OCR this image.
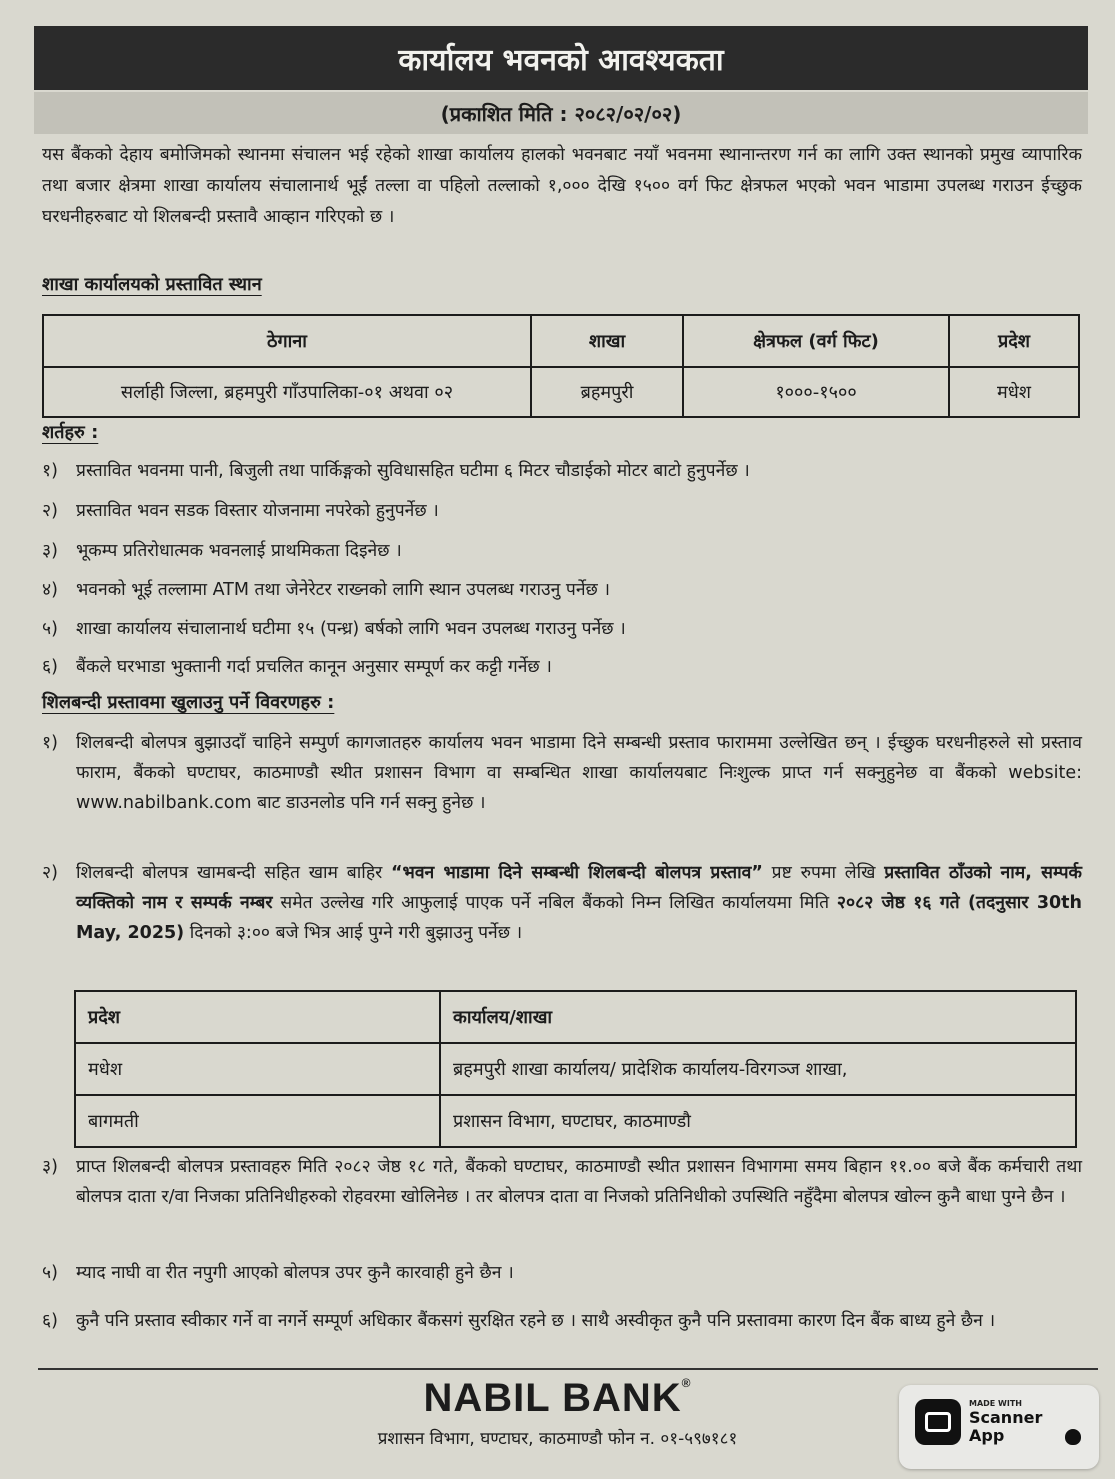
कार्यालय भवनको आवश्यकता
(प्रकाशित मिति : २०८२/०२/०२)
यस बैंकको देहाय बमोजिमको स्थानमा संचालन भई रहेको शाखा कार्यालय हालको भवनबाट नयाँ भवनमा स्थानान्तरण गर्न का लागि उक्त स्थानको प्रमुख व्यापारिक तथा बजार क्षेत्रमा शाखा कार्यालय संचालानार्थ भूईं तल्ला वा पहिलो तल्लाको १,००० देखि १५०० वर्ग फिट क्षेत्रफल भएको भवन भाडामा उपलब्ध गराउन ईच्छुक घरधनीहरुबाट यो शिलबन्दी प्रस्तावै आव्हान गरिएको छ ।
शाखा कार्यालयको प्रस्तावित स्थान
ठेगाना	शाखा	क्षेत्रफल (वर्ग फिट)	प्रदेश
सर्लाही जिल्ला, ब्रहमपुरी गाँउपालिका-०१ अथवा ०२	ब्रहमपुरी	१०००-१५००	मधेश
शर्तहरु :
१) प्रस्तावित भवनमा पानी, बिजुली तथा पार्किङ्गको सुविधासहित घटीमा ६ मिटर चौडाईको मोटर बाटो हुनुपर्नेछ ।
२) प्रस्तावित भवन सडक विस्तार योजनामा नपरेको हुनुपर्नेछ ।
३) भूकम्प प्रतिरोधात्मक भवनलाई प्राथमिकता दिइनेछ ।
४) भवनको भूई तल्लामा ATM तथा जेनेरेटर राख्नको लागि स्थान उपलब्ध गराउनु पर्नेछ ।
५) शाखा कार्यालय संचालानार्थ घटीमा १५ (पन्ध्र) बर्षको लागि भवन उपलब्ध गराउनु पर्नेछ ।
६) बैंकले घरभाडा भुक्तानी गर्दा प्रचलित कानून अनुसार सम्पूर्ण कर कट्टी गर्नेछ ।
शिलबन्दी प्रस्तावमा खुलाउनु पर्ने विवरणहरु :
१) शिलबन्दी बोलपत्र बुझाउदाँ चाहिने सम्पुर्ण कागजातहरु कार्यालय भवन भाडामा दिने सम्बन्धी प्रस्ताव फाराममा उल्लेखित छन् । ईच्छुक घरधनीहरुले सो प्रस्ताव फाराम, बैंकको घण्टाघर, काठमाण्डौ स्थीत प्रशासन विभाग वा सम्बन्धित शाखा कार्यालयबाट निःशुल्क प्राप्त गर्न सक्नुहुनेछ वा बैंकको website: www.nabilbank.com बाट डाउनलोड पनि गर्न सक्नु हुनेछ ।
२) शिलबन्दी बोलपत्र खामबन्दी सहित खाम बाहिर “भवन भाडामा दिने सम्बन्धी शिलबन्दी बोलपत्र प्रस्ताव” प्रष्ट रुपमा लेखि प्रस्तावित ठाँउको नाम, सम्पर्क व्यक्तिको नाम र सम्पर्क नम्बर समेत उल्लेख गरि आफुलाई पाएक पर्ने नबिल बैंकको निम्न लिखित कार्यालयमा मिति २०८२ जेष्ठ १६ गते (तदनुसार 30th May, 2025) दिनको ३:०० बजे भित्र आई पुग्ने गरी बुझाउनु पर्नेछ ।
प्रदेश	कार्यालय/शाखा
मधेश	ब्रहमपुरी शाखा कार्यालय/ प्रादेशिक कार्यालय-विरगञ्ज शाखा,
बागमती	प्रशासन विभाग, घण्टाघर, काठमाण्डौ
३) प्राप्त शिलबन्दी बोलपत्र प्रस्तावहरु मिति २०८२ जेष्ठ १८ गते, बैंकको घण्टाघर, काठमाण्डौ स्थीत प्रशासन विभागमा समय बिहान ११.०० बजे बैंक कर्मचारी तथा बोलपत्र दाता र/वा निजका प्रतिनिधीहरुको रोहवरमा खोलिनेछ । तर बोलपत्र दाता वा निजको प्रतिनिधीको उपस्थिति नहुँदैमा बोलपत्र खोल्न कुनै बाधा पुग्ने छैन ।
५) म्याद नाघी वा रीत नपुगी आएको बोलपत्र उपर कुनै कारवाही हुने छैन ।
६) कुनै पनि प्रस्ताव स्वीकार गर्ने वा नगर्ने सम्पूर्ण अधिकार बैंकसगं सुरक्षित रहने छ । साथै अस्वीकृत कुनै पनि प्रस्तावमा कारण दिन बैंक बाध्य हुने छैन ।
NABIL BANK®
प्रशासन विभाग, घण्टाघर, काठमाण्डौ फोन न. ०१-५९७१८१
MADE WITH
Scanner App
